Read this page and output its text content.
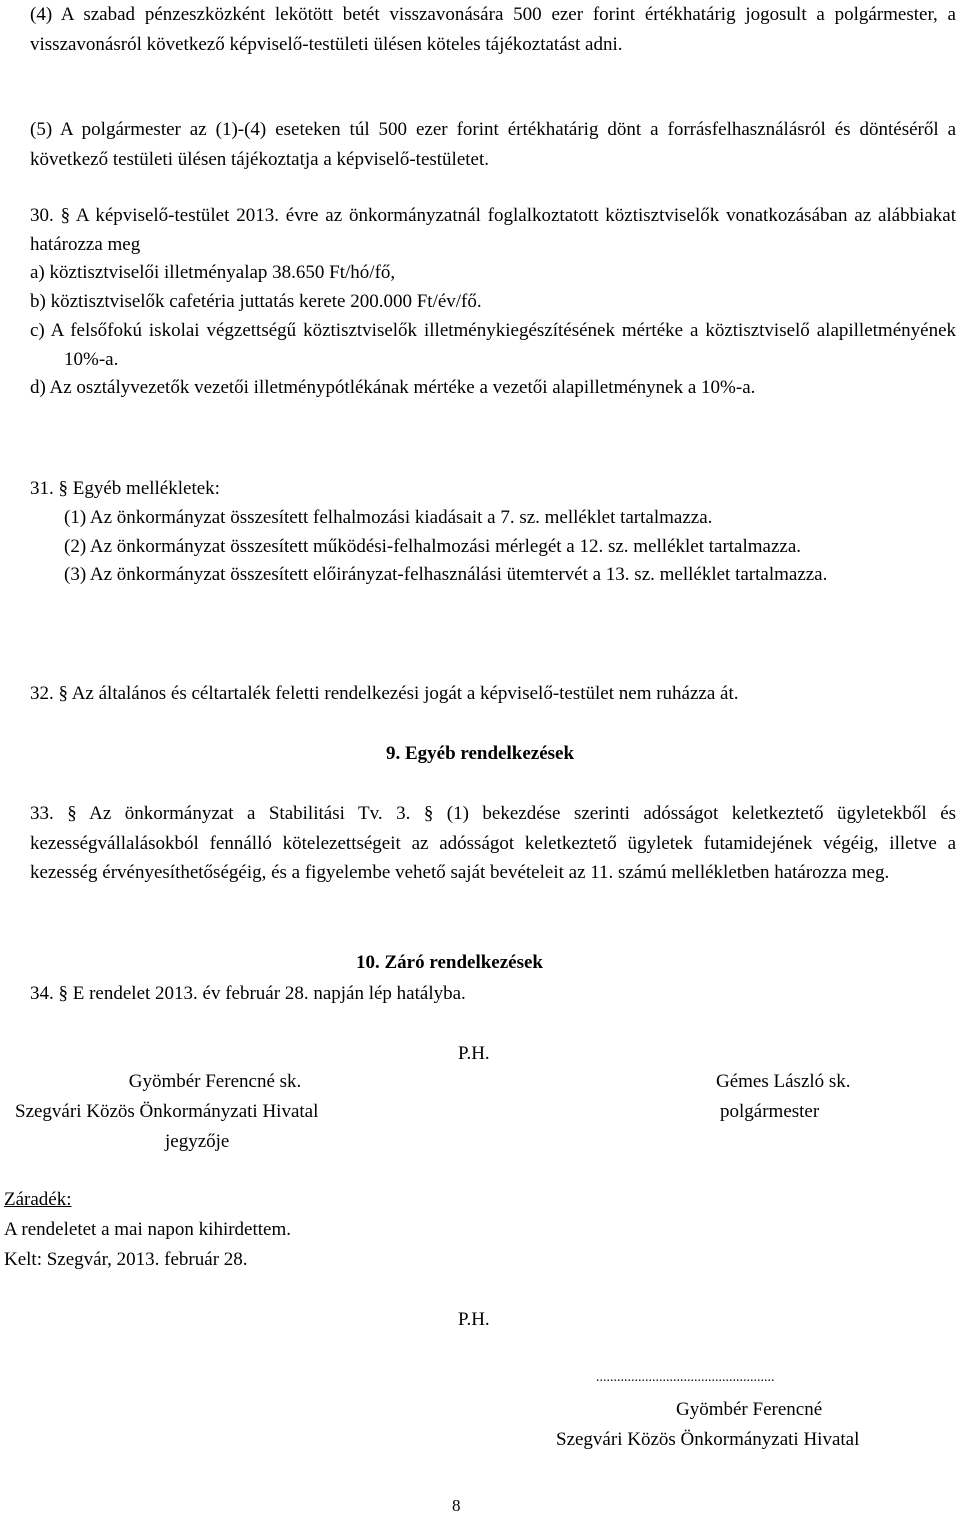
(4) A szabad pénzeszközként lekötött betét visszavonására 500 ezer forint értékhatárig jogosult a polgármester, a visszavonásról következő képviselő-testületi ülésen köteles tájékoztatást adni.

(5) A polgármester az (1)-(4) eseteken túl 500 ezer forint értékhatárig dönt a forrásfelhasználásról és döntéséről a következő testületi ülésen tájékoztatja a képviselő-testületet.

30. § A képviselő-testület 2013. évre az önkormányzatnál foglalkoztatott köztisztviselők vonatkozásában az alábbiakat határozza meg
a) köztisztviselői illetményalap 38.650 Ft/hó/fő,
b) köztisztviselők cafetéria juttatás kerete 200.000 Ft/év/fő.
c) A felsőfokú iskolai végzettségű köztisztviselők illetménykiegészítésének mértéke a köztisztviselő alapilletményének 10%-a.
d) Az osztályvezetők vezetői illetménypótlékának mértéke a vezetői alapilletménynek a 10%-a.
31. § Egyéb mellékletek:
(1) Az önkormányzat összesített felhalmozási kiadásait a 7. sz. melléklet tartalmazza.
(2) Az önkormányzat összesített működési-felhalmozási mérlegét a 12. sz. melléklet tartalmazza.
(3) Az önkormányzat összesített előirányzat-felhasználási ütemtervét a 13. sz. melléklet tartalmazza.
32. § Az általános és céltartalék feletti rendelkezési jogát a képviselő-testület nem ruházza át.
9. Egyéb rendelkezések

33. § Az önkormányzat a Stabilitási Tv. 3. § (1) bekezdése szerinti adósságot keletkeztető ügyletekből és kezességvállalásokból fennálló kötelezettségeit az adósságot keletkeztető ügyletek futamidejének végéig, illetve a kezesség érvényesíthetőségéig, és a figyelembe vehető saját bevételeit az 11. számú mellékletben határozza meg.

10. Záró rendelkezések
34. § E rendelet 2013. év február 28. napján lép hatályba.
P.H.
Gyömbér Ferencné sk.
Szegvári Közös Önkormányzati Hivatal
jegyzője
Gémes László sk.
polgármester
Záradék:
A rendeletet a mai napon kihirdettem.
Kelt: Szegvár, 2013. február 28.
P.H.
...................................................
Gyömbér Ferencné
Szegvári Közös Önkormányzati Hivatal
8
